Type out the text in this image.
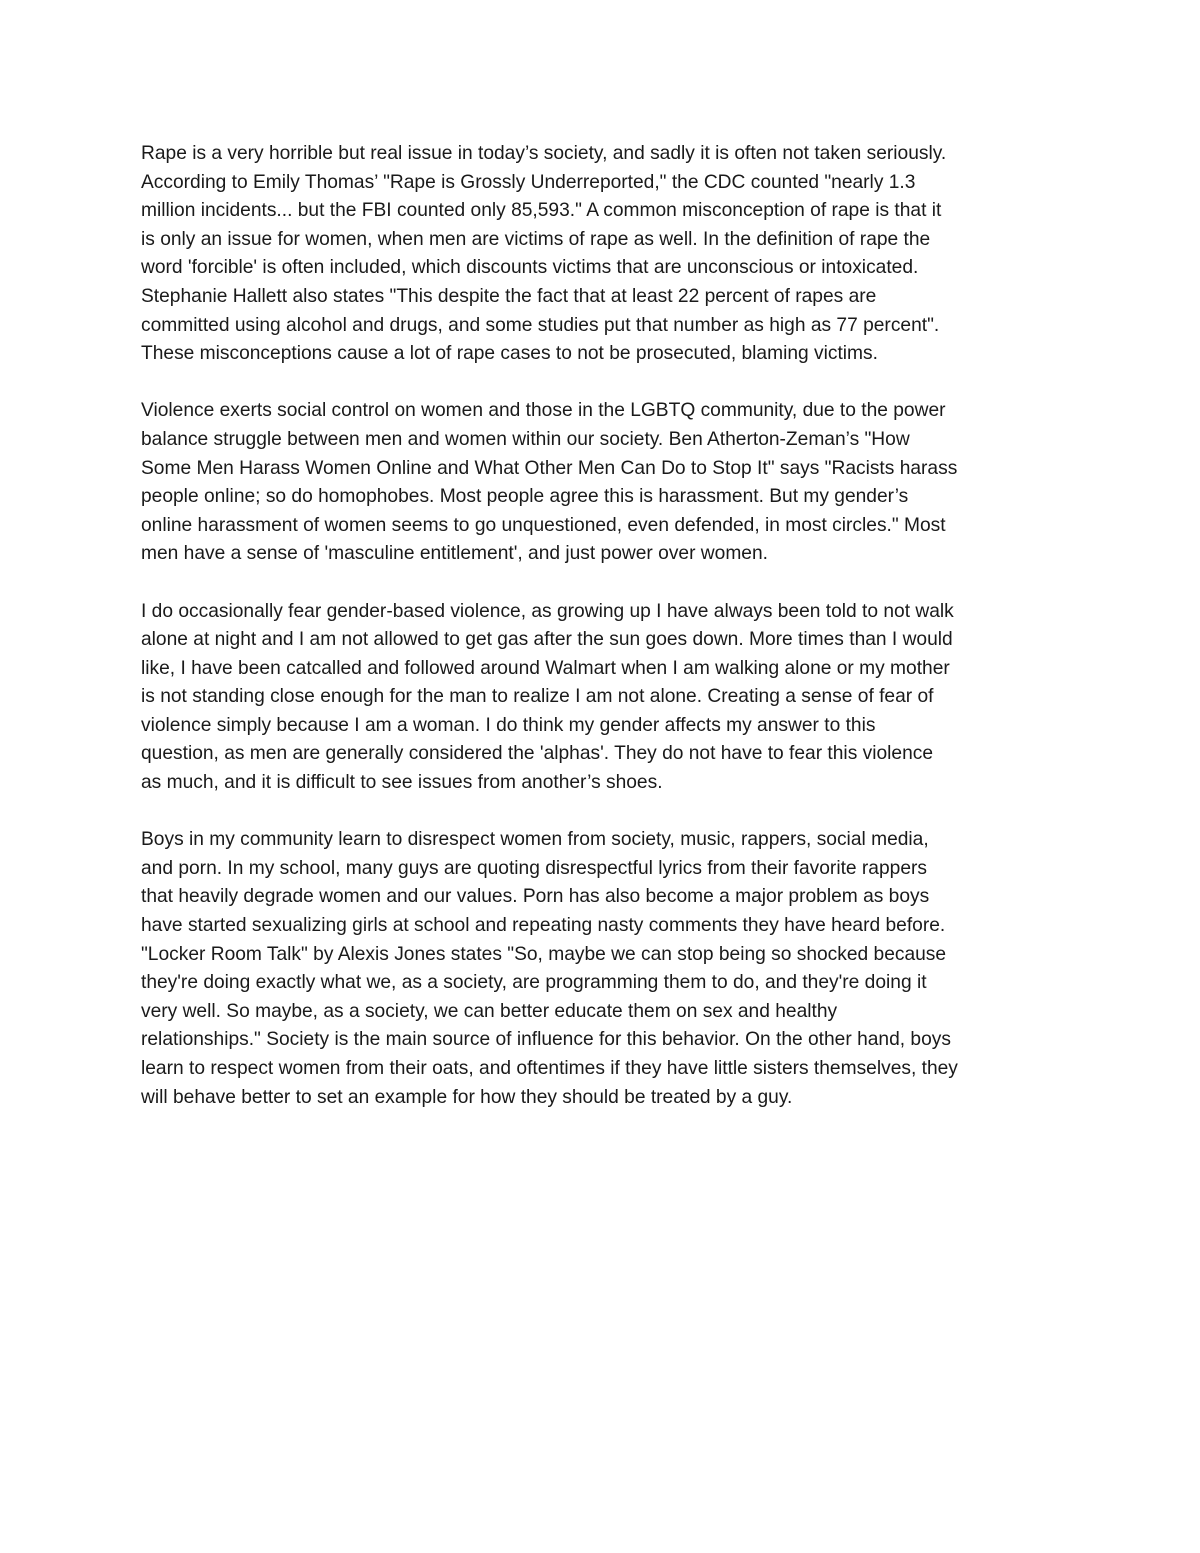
Rape is a very horrible but real issue in today’s society, and sadly it is often not taken seriously.
According to Emily Thomas’ "Rape is Grossly Underreported," the CDC counted "nearly 1.3
million incidents... but the FBI counted only 85,593." A common misconception of rape is that it
is only an issue for women, when men are victims of rape as well. In the definition of rape the
word 'forcible' is often included, which discounts victims that are unconscious or intoxicated.
Stephanie Hallett also states "This despite the fact that at least 22 percent of rapes are
committed using alcohol and drugs, and some studies put that number as high as 77 percent".
These misconceptions cause a lot of rape cases to not be prosecuted, blaming victims.

Violence exerts social control on women and those in the LGBTQ community, due to the power
balance struggle between men and women within our society. Ben Atherton-Zeman’s "How
Some Men Harass Women Online and What Other Men Can Do to Stop It" says "Racists harass
people online; so do homophobes. Most people agree this is harassment. But my gender’s
online harassment of women seems to go unquestioned, even defended, in most circles." Most
men have a sense of 'masculine entitlement', and just power over women.

I do occasionally fear gender-based violence, as growing up I have always been told to not walk
alone at night and I am not allowed to get gas after the sun goes down. More times than I would
like, I have been catcalled and followed around Walmart when I am walking alone or my mother
is not standing close enough for the man to realize I am not alone. Creating a sense of fear of
violence simply because I am a woman. I do think my gender affects my answer to this
question, as men are generally considered the 'alphas'. They do not have to fear this violence
as much, and it is difficult to see issues from another’s shoes.

Boys in my community learn to disrespect women from society, music, rappers, social media,
and porn. In my school, many guys are quoting disrespectful lyrics from their favorite rappers
that heavily degrade women and our values. Porn has also become a major problem as boys
have started sexualizing girls at school and repeating nasty comments they have heard before.
"Locker Room Talk" by Alexis Jones states "So, maybe we can stop being so shocked because
they're doing exactly what we, as a society, are programming them to do, and they're doing it
very well. So maybe, as a society, we can better educate them on sex and healthy
relationships." Society is the main source of influence for this behavior. On the other hand, boys
learn to respect women from their oats, and oftentimes if they have little sisters themselves, they
will behave better to set an example for how they should be treated by a guy.
